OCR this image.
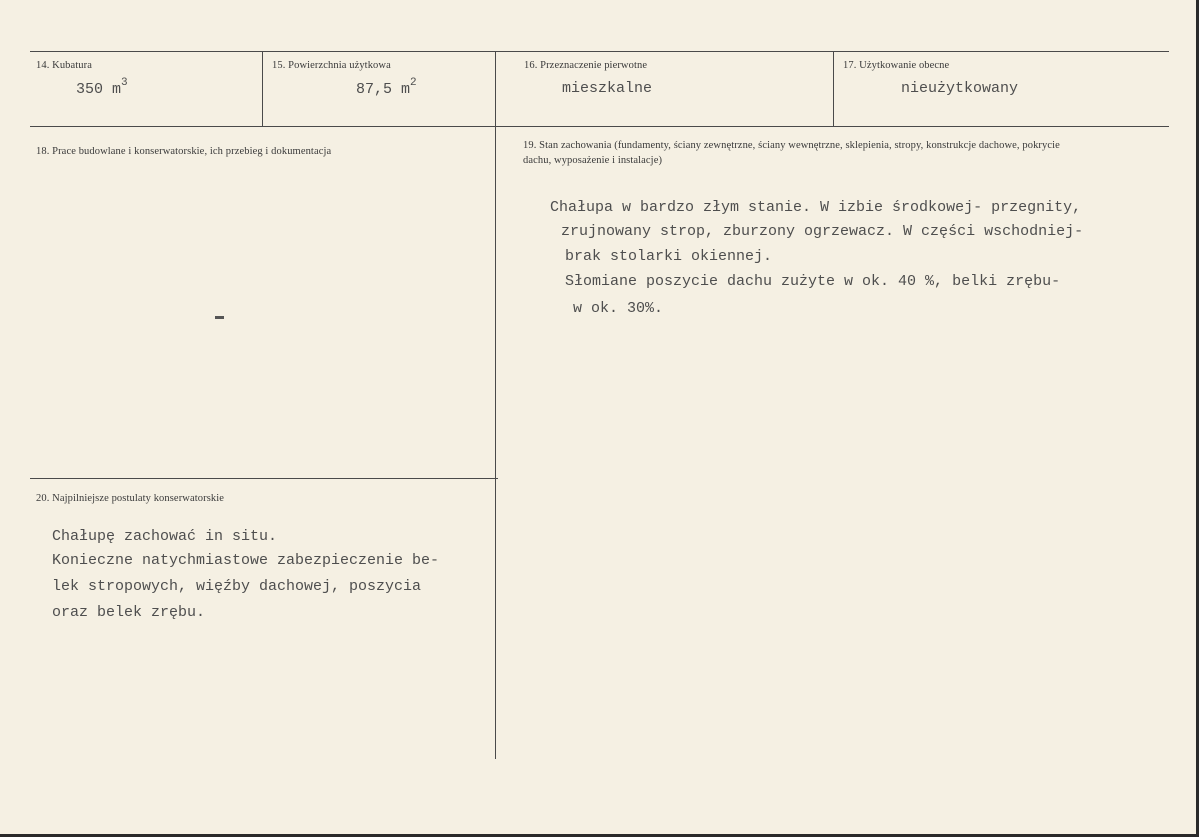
14. Kubatura
350 $m^3$
15. Powierzchnia użytkowa
87,5 $m^2$
16. Przeznaczenie pierwotne
mieszkalne
17. Użytkowanie obecne
nieużytkowany
18. Prace budowlane i konserwatorskie, ich przebieg i dokumentacja
19. Stan zachowania (fundamenty, ściany zewnętrzne, ściany wewnętrzne, sklepienia, stropy, konstrukcje dachowe, pokrycie dachu, wyposażenie i instalacje)
Chałupa w bardzo złym stanie. W izbie środkowej- przegnity,
zrujnowany strop, zburzony ogrzewacz. W części wschodniej-
brak stolarki okiennej.
Słomiane poszycie dachu zużyte w ok. 40 %, belki zrębu-
w ok. 30%.
20. Najpilniejsze postulaty konserwatorskie
Chałupę zachować in situ.
Konieczne natychmiastowe zabezpieczenie be-
lek stropowych, więźby dachowej, poszycia
oraz belek zrębu.
